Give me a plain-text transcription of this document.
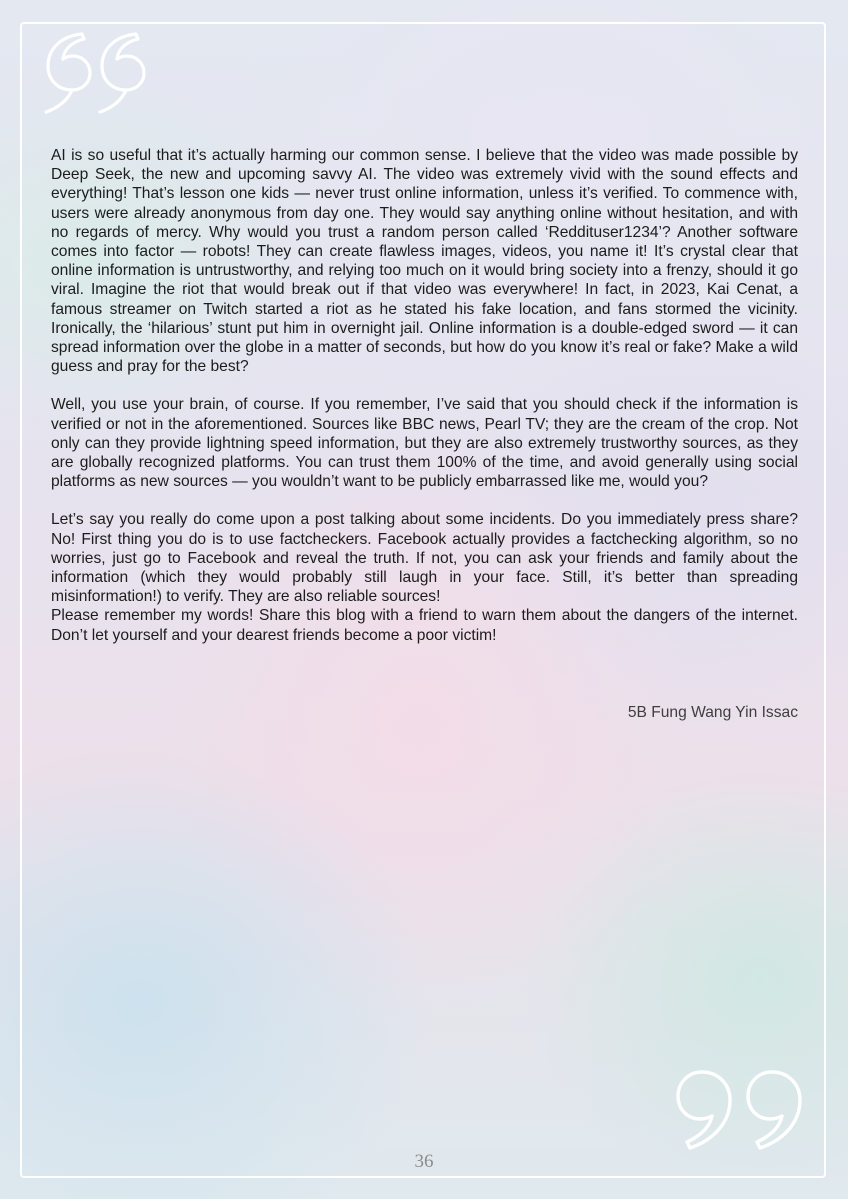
AI is so useful that it’s actually harming our common sense. I believe that the video was made possible by Deep Seek, the new and upcoming savvy AI. The video was extremely vivid with the sound effects and everything! That’s lesson one kids — never trust online information, unless it’s verified. To commence with, users were already anonymous from day one. They would say anything online without hesitation, and with no regards of mercy. Why would you trust a random person called ‘Reddituser1234’? Another software comes into factor — robots! They can create flawless images, videos, you name it! It’s crystal clear that online information is untrustworthy, and relying too much on it would bring society into a frenzy, should it go viral. Imagine the riot that would break out if that video was everywhere! In fact, in 2023, Kai Cenat, a famous streamer on Twitch started a riot as he stated his fake location, and fans stormed the vicinity. Ironically, the ‘hilarious’ stunt put him in overnight jail. Online information is a double-edged sword — it can spread information over the globe in a matter of seconds, but how do you know it’s real or fake? Make a wild guess and pray for the best?

Well, you use your brain, of course. If you remember, I’ve said that you should check if the information is verified or not in the aforementioned. Sources like BBC news, Pearl TV; they are the cream of the crop. Not only can they provide lightning speed information, but they are also extremely trustworthy sources, as they are globally recognized platforms. You can trust them 100% of the time, and avoid generally using social platforms as new sources — you wouldn’t want to be publicly embarrassed like me, would you?

Let’s say you really do come upon a post talking about some incidents. Do you immediately press share? No! First thing you do is to use factcheckers. Facebook actually provides a factchecking algorithm, so no worries, just go to Facebook and reveal the truth. If not, you can ask your friends and family about the information (which they would probably still laugh in your face. Still, it’s better than spreading misinformation!) to verify. They are also reliable sources!

Please remember my words! Share this blog with a friend to warn them about the dangers of the internet. Don’t let yourself and your dearest friends become a poor victim!

5B Fung Wang Yin Issac
36
